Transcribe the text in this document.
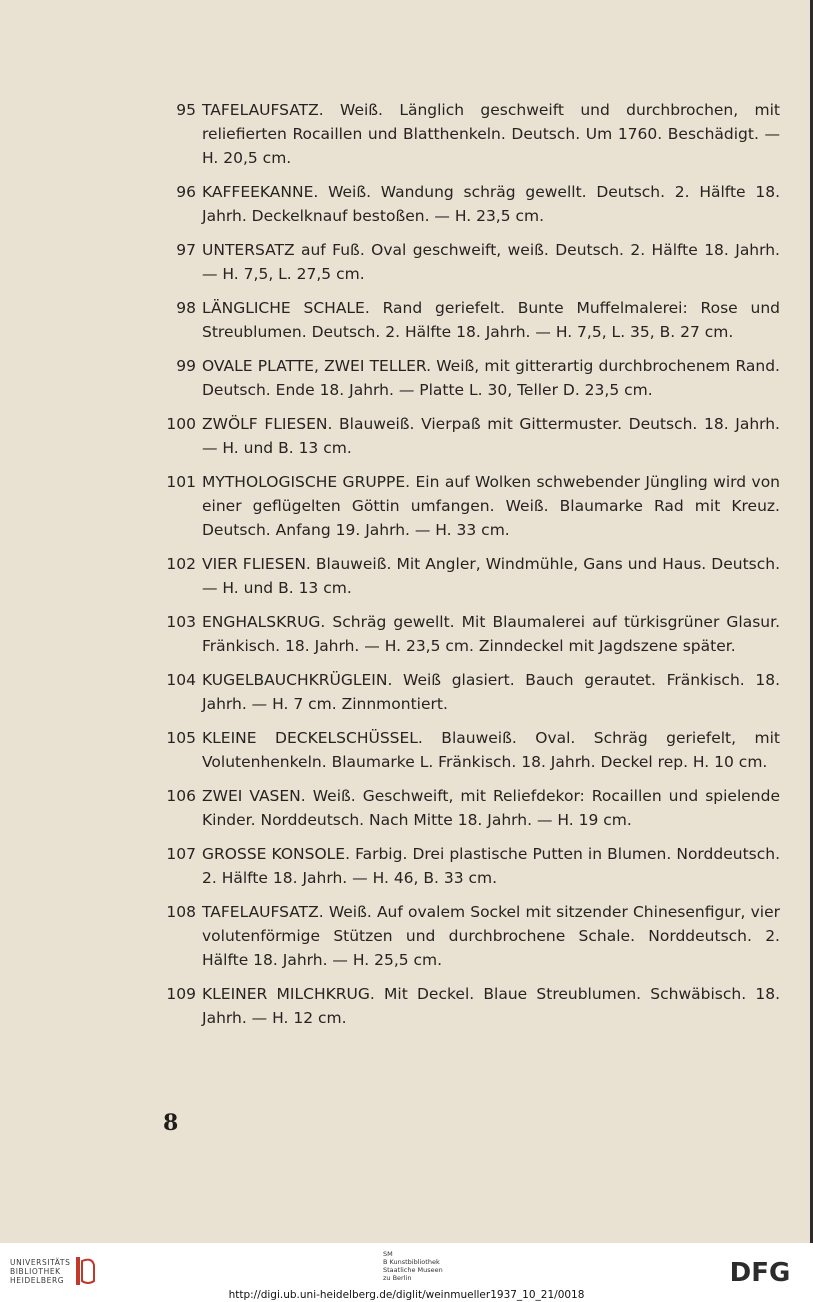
95 TAFELAUFSATZ. Weiß. Länglich geschweift und durchbrochen, mit reliefierten Rocaillen und Blatthenkeln. Deutsch. Um 1760. Beschädigt. — H. 20,5 cm.
96 KAFFEEKANNE. Weiß. Wandung schräg gewellt. Deutsch. 2. Hälfte 18. Jahrh. Deckelknauf bestoßen. — H. 23,5 cm.
97 UNTERSATZ auf Fuß. Oval geschweift, weiß. Deutsch. 2. Hälfte 18. Jahrh. — H. 7,5, L. 27,5 cm.
98 LÄNGLICHE SCHALE. Rand geriefelt. Bunte Muffelmalerei: Rose und Streublumen. Deutsch. 2. Hälfte 18. Jahrh. — H. 7,5, L. 35, B. 27 cm.
99 OVALE PLATTE, ZWEI TELLER. Weiß, mit gitterartig durchbrochenem Rand. Deutsch. Ende 18. Jahrh. — Platte L. 30, Teller D. 23,5 cm.
100 ZWÖLF FLIESEN. Blauweiß. Vierpaß mit Gittermuster. Deutsch. 18. Jahrh. — H. und B. 13 cm.
101 MYTHOLOGISCHE GRUPPE. Ein auf Wolken schwebender Jüngling wird von einer geflügelten Göttin umfangen. Weiß. Blaumarke Rad mit Kreuz. Deutsch. Anfang 19. Jahrh. — H. 33 cm.
102 VIER FLIESEN. Blauweiß. Mit Angler, Windmühle, Gans und Haus. Deutsch. — H. und B. 13 cm.
103 ENGHALSKRUG. Schräg gewellt. Mit Blaumalerei auf türkisgrüner Glasur. Fränkisch. 18. Jahrh. — H. 23,5 cm. Zinndeckel mit Jagdszene später.
104 KUGELBAUCHKRÜGLEIN. Weiß glasiert. Bauch gerautet. Fränkisch. 18. Jahrh. — H. 7 cm. Zinnmontiert.
105 KLEINE DECKELSCHÜSSEL. Blauweiß. Oval. Schräg geriefelt, mit Volutenhenkeln. Blaumarke L. Fränkisch. 18. Jahrh. Deckel rep. H. 10 cm.
106 ZWEI VASEN. Weiß. Geschweift, mit Reliefdekor: Rocaillen und spielende Kinder. Norddeutsch. Nach Mitte 18. Jahrh. — H. 19 cm.
107 GROSSE KONSOLE. Farbig. Drei plastische Putten in Blumen. Norddeutsch. 2. Hälfte 18. Jahrh. — H. 46, B. 33 cm.
108 TAFELAUFSATZ. Weiß. Auf ovalem Sockel mit sitzender Chinesenfigur, vier volutenförmige Stützen und durchbrochene Schale. Norddeutsch. 2. Hälfte 18. Jahrh. — H. 25,5 cm.
109 KLEINER MILCHKRUG. Mit Deckel. Blaue Streublumen. Schwäbisch. 18. Jahrh. — H. 12 cm.
8
UNIVERSITÄTS
BIBLIOTHEK
HEIDELBERG
SM
B Kunstbibliothek
Staatliche Museen
zu Berlin	DFG
http://digi.ub.uni-heidelberg.de/diglit/weinmueller1937_10_21/0018
